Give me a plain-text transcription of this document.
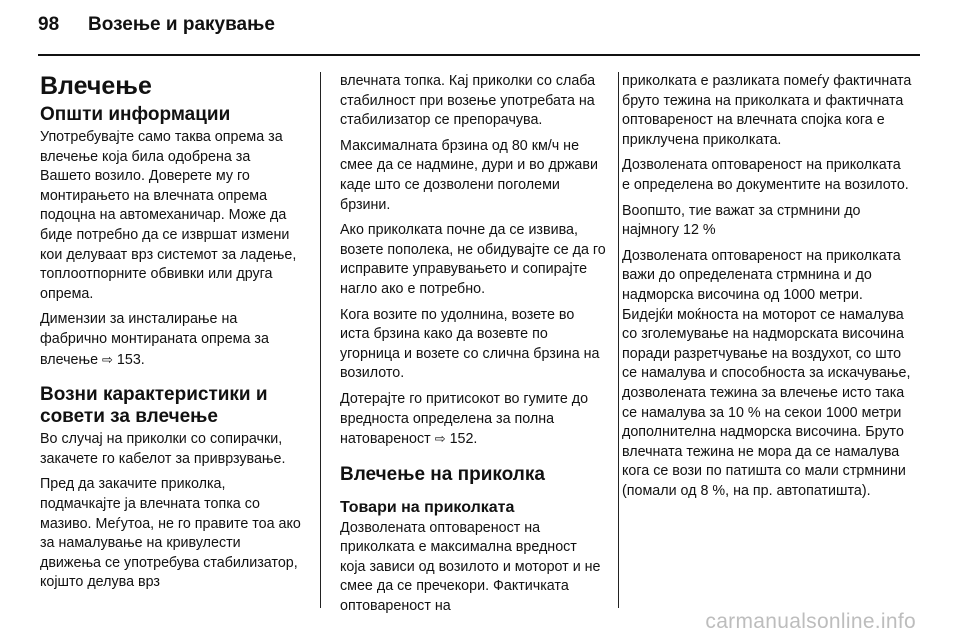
98 Возење и ракување
Влечење
Општи информации

Употребувајте само таква опрема за влечење која била одобрена за Вашето возило. Доверете му го монтирањето на влечната опрема подоцна на автомеханичар. Може да биде потребно да се извршат измени кои делуваат врз системот за ладење, топлоотпорните обвивки или друга опрема.

Димензии за инсталирање на фабрично монтираната опрема за влечење ⇨ 153.

Возни карактеристики и совети за влечење

Во случај на приколки со сопирачки, закачете го кабелот за приврзување.

Пред да закачите приколка, подмачкајте ја влечната топка со мазиво. Меѓутоа, не го правите тоа ако за намалување на кривулести движења се употребува стабилизатор, којшто делува врз

влечната топка. Кај приколки со слаба стабилност при возење употребата на стабилизатор се препорачува.

Максималната брзина од 80 км/ч не смее да се надмине, дури и во држави каде што се дозволени поголеми брзини.

Ако приколката почне да се извива, возете пополека, не обидувајте се да го исправите управувањето и сопирајте нагло ако е потребно.

Кога возите по удолнина, возете во иста брзина како да возевте по угорница и возете со слична брзина на возилото.

Дотерајте го притисокот во гумите до вредноста определена за полна натовареност ⇨ 152.

Влечење на приколка
Товари на приколката

Дозволената оптовареност на приколката е максимална вредност која зависи од возилото и моторот и не смее да се пречекори. Фактичката оптовареност на

приколката е разликата помеѓу фактичната бруто тежина на приколката и фактичната оптовареност на влечната спојка кога е приклучена приколката.

Дозволената оптовареност на приколката е определена во документите на возилото.

Воопшто, тие важат за стрмнини до најмногу 12 %

Дозволената оптовареност на приколката важи до определената стрмнина и до надморска височина од 1000 метри. Бидејќи моќноста на моторот се намалува со зголемување на надморската височина поради разретчување на воздухот, со што се намалува и способноста за искачување, дозволената тежина за влечење исто така се намалува за 10 % на секои 1000 метри дополнителна надморска височина. Бруто влечната тежина не мора да се намалува кога се вози по патишта со мали стрмнини (помали од 8 %, на пр. автопатишта).

carmanualsonline.info
